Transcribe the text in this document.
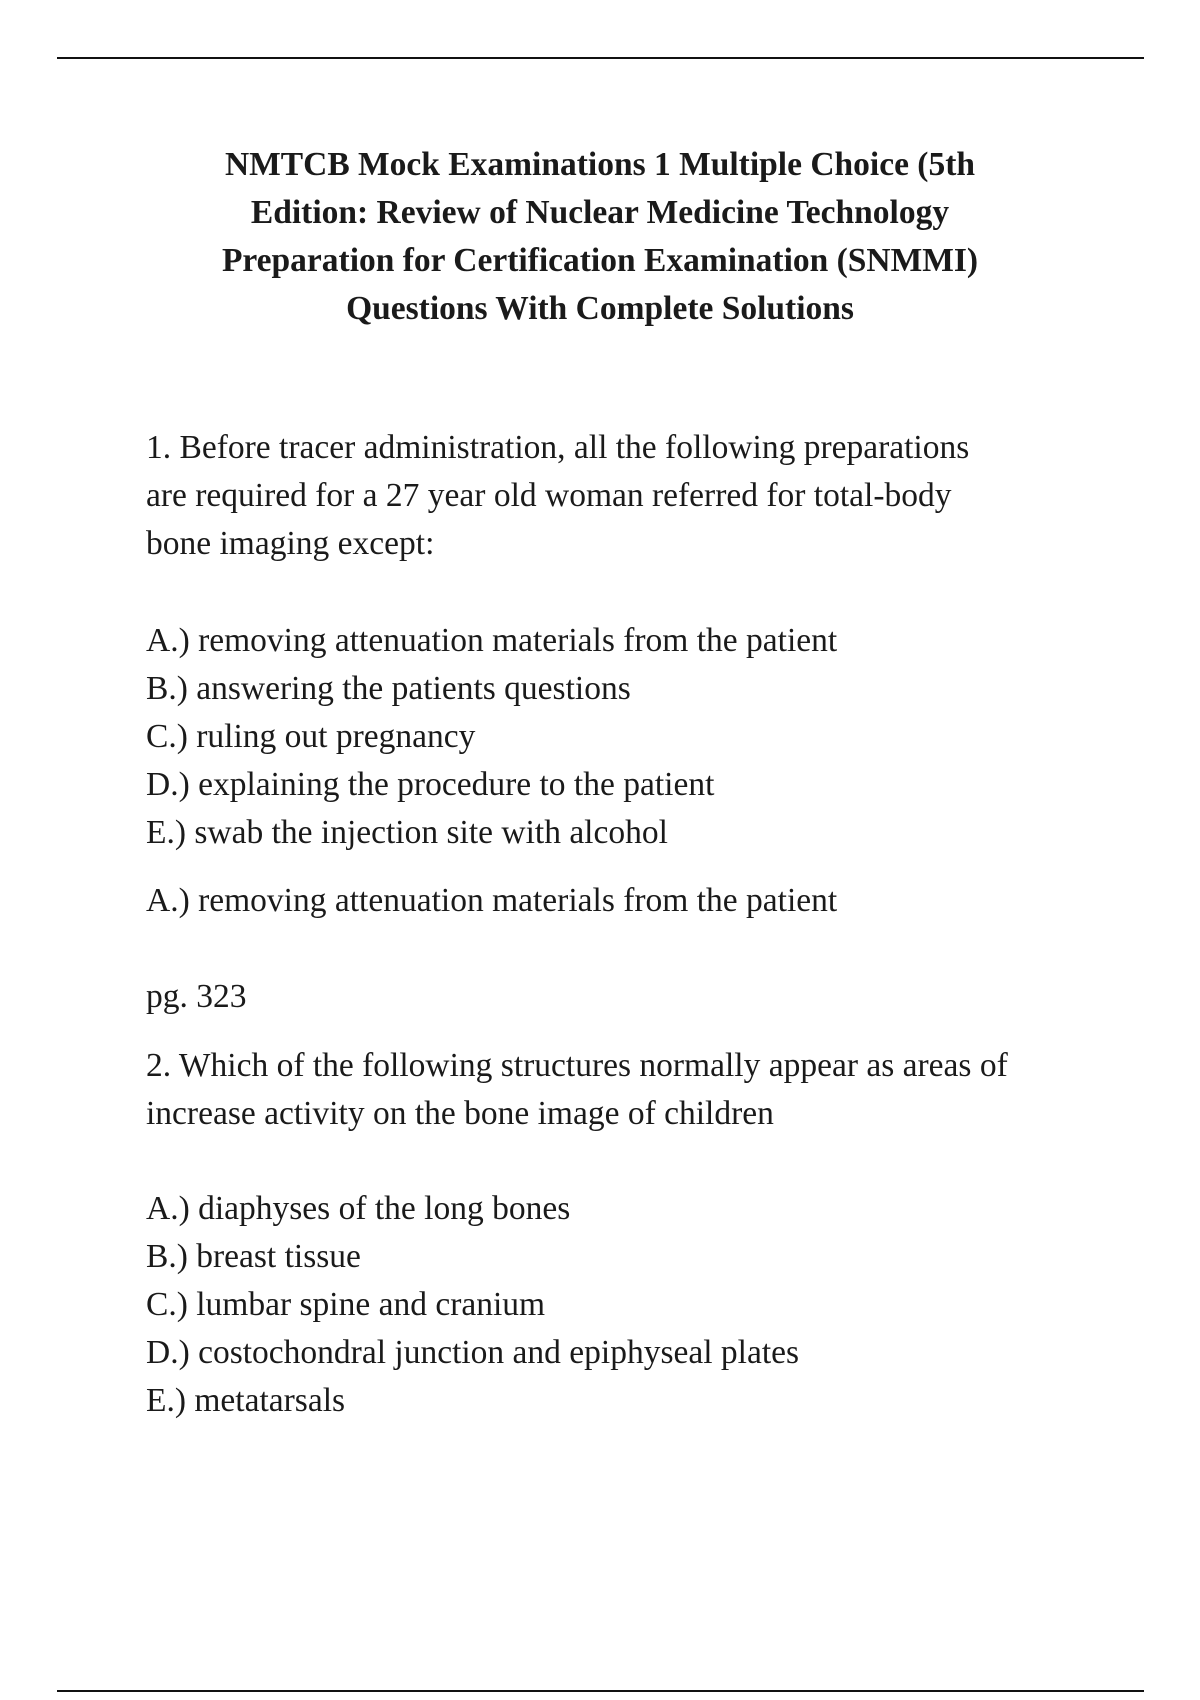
NMTCB Mock Examinations 1 Multiple Choice (5th
Edition: Review of Nuclear Medicine Technology
Preparation for Certification Examination (SNMMI)
Questions With Complete Solutions
1. Before tracer administration, all the following preparations
are required for a 27 year old woman referred for total-body
bone imaging except:
A.) removing attenuation materials from the patient
B.) answering the patients questions
C.) ruling out pregnancy
D.) explaining the procedure to the patient
E.) swab the injection site with alcohol

A.) removing attenuation materials from the patient

pg. 323

2. Which of the following structures normally appear as areas of
increase activity on the bone image of children
A.) diaphyses of the long bones
B.) breast tissue
C.) lumbar spine and cranium
D.) costochondral junction and epiphyseal plates
E.) metatarsals
